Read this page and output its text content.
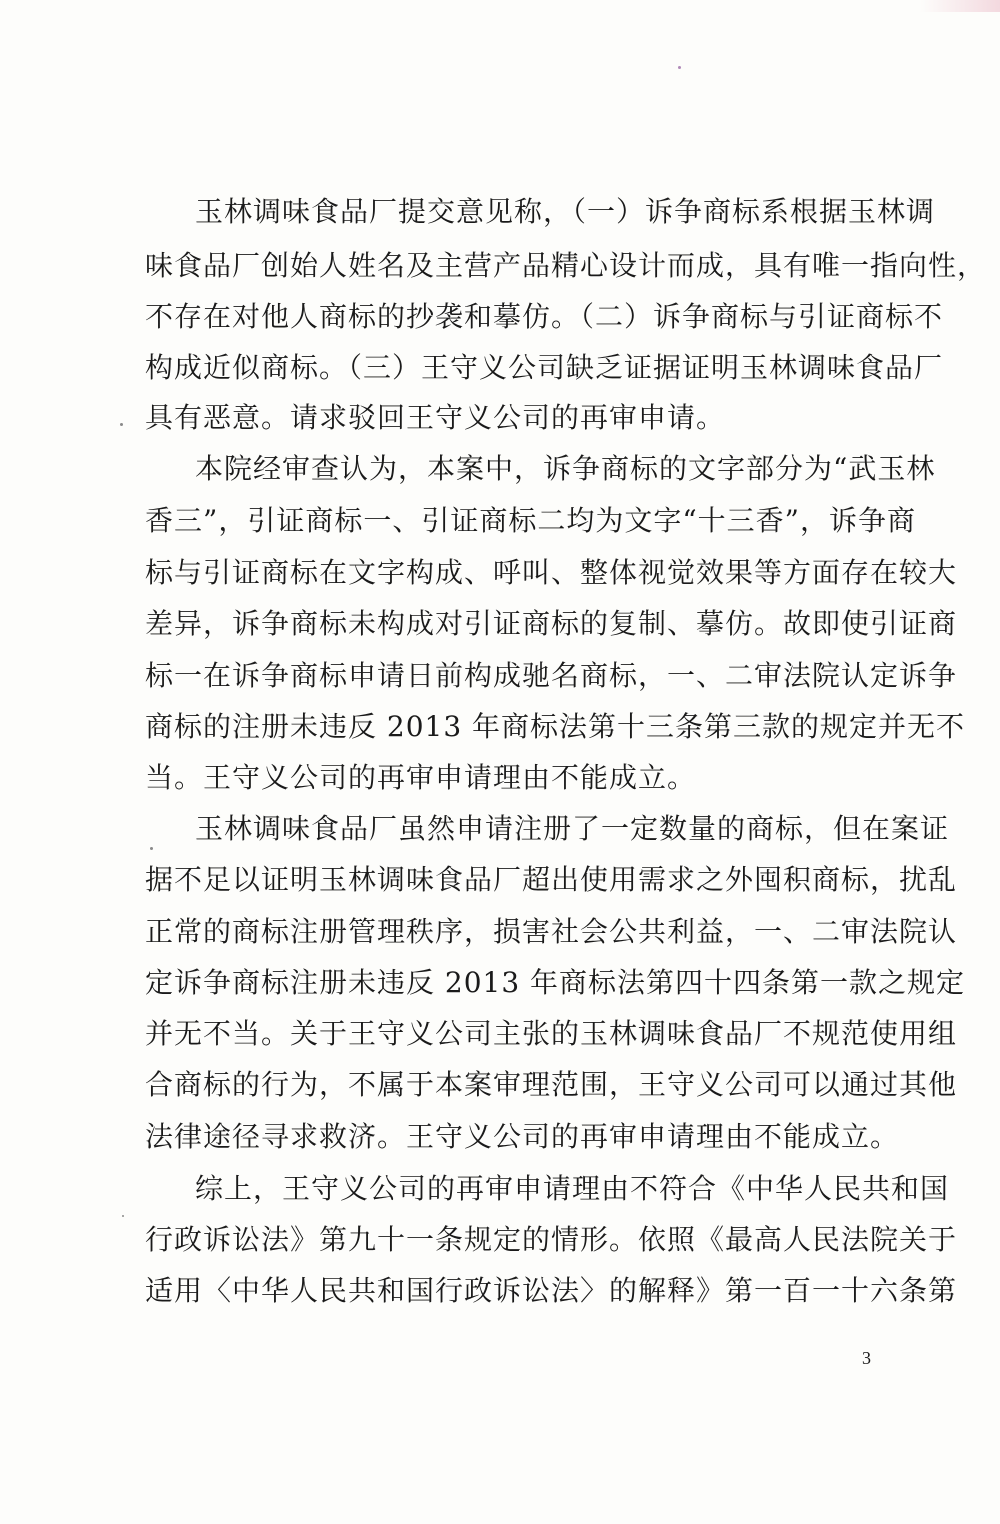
玉林调味食品厂提交意见称，（一）诉争商标系根据玉林调
味食品厂创始人姓名及主营产品精心设计而成，具有唯一指向性，
不存在对他人商标的抄袭和摹仿。（二）诉争商标与引证商标不
构成近似商标。（三）王守义公司缺乏证据证明玉林调味食品厂
具有恶意。请求驳回王守义公司的再审申请。
本院经审查认为，本案中，诉争商标的文字部分为“武玉林
香三”，引证商标一、引证商标二均为文字“十三香”，诉争商
标与引证商标在文字构成、呼叫、整体视觉效果等方面存在较大
差异，诉争商标未构成对引证商标的复制、摹仿。故即使引证商
标一在诉争商标申请日前构成驰名商标，一、二审法院认定诉争
商标的注册未违反 2013 年商标法第十三条第三款的规定并无不
当。王守义公司的再审申请理由不能成立。
玉林调味食品厂虽然申请注册了一定数量的商标，但在案证
据不足以证明玉林调味食品厂超出使用需求之外囤积商标，扰乱
正常的商标注册管理秩序，损害社会公共利益，一、二审法院认
定诉争商标注册未违反 2013 年商标法第四十四条第一款之规定
并无不当。关于王守义公司主张的玉林调味食品厂不规范使用组
合商标的行为，不属于本案审理范围，王守义公司可以通过其他
法律途径寻求救济。王守义公司的再审申请理由不能成立。
综上，王守义公司的再审申请理由不符合《中华人民共和国
行政诉讼法》第九十一条规定的情形。依照《最高人民法院关于
适用〈中华人民共和国行政诉讼法〉的解释》第一百一十六条第
3
